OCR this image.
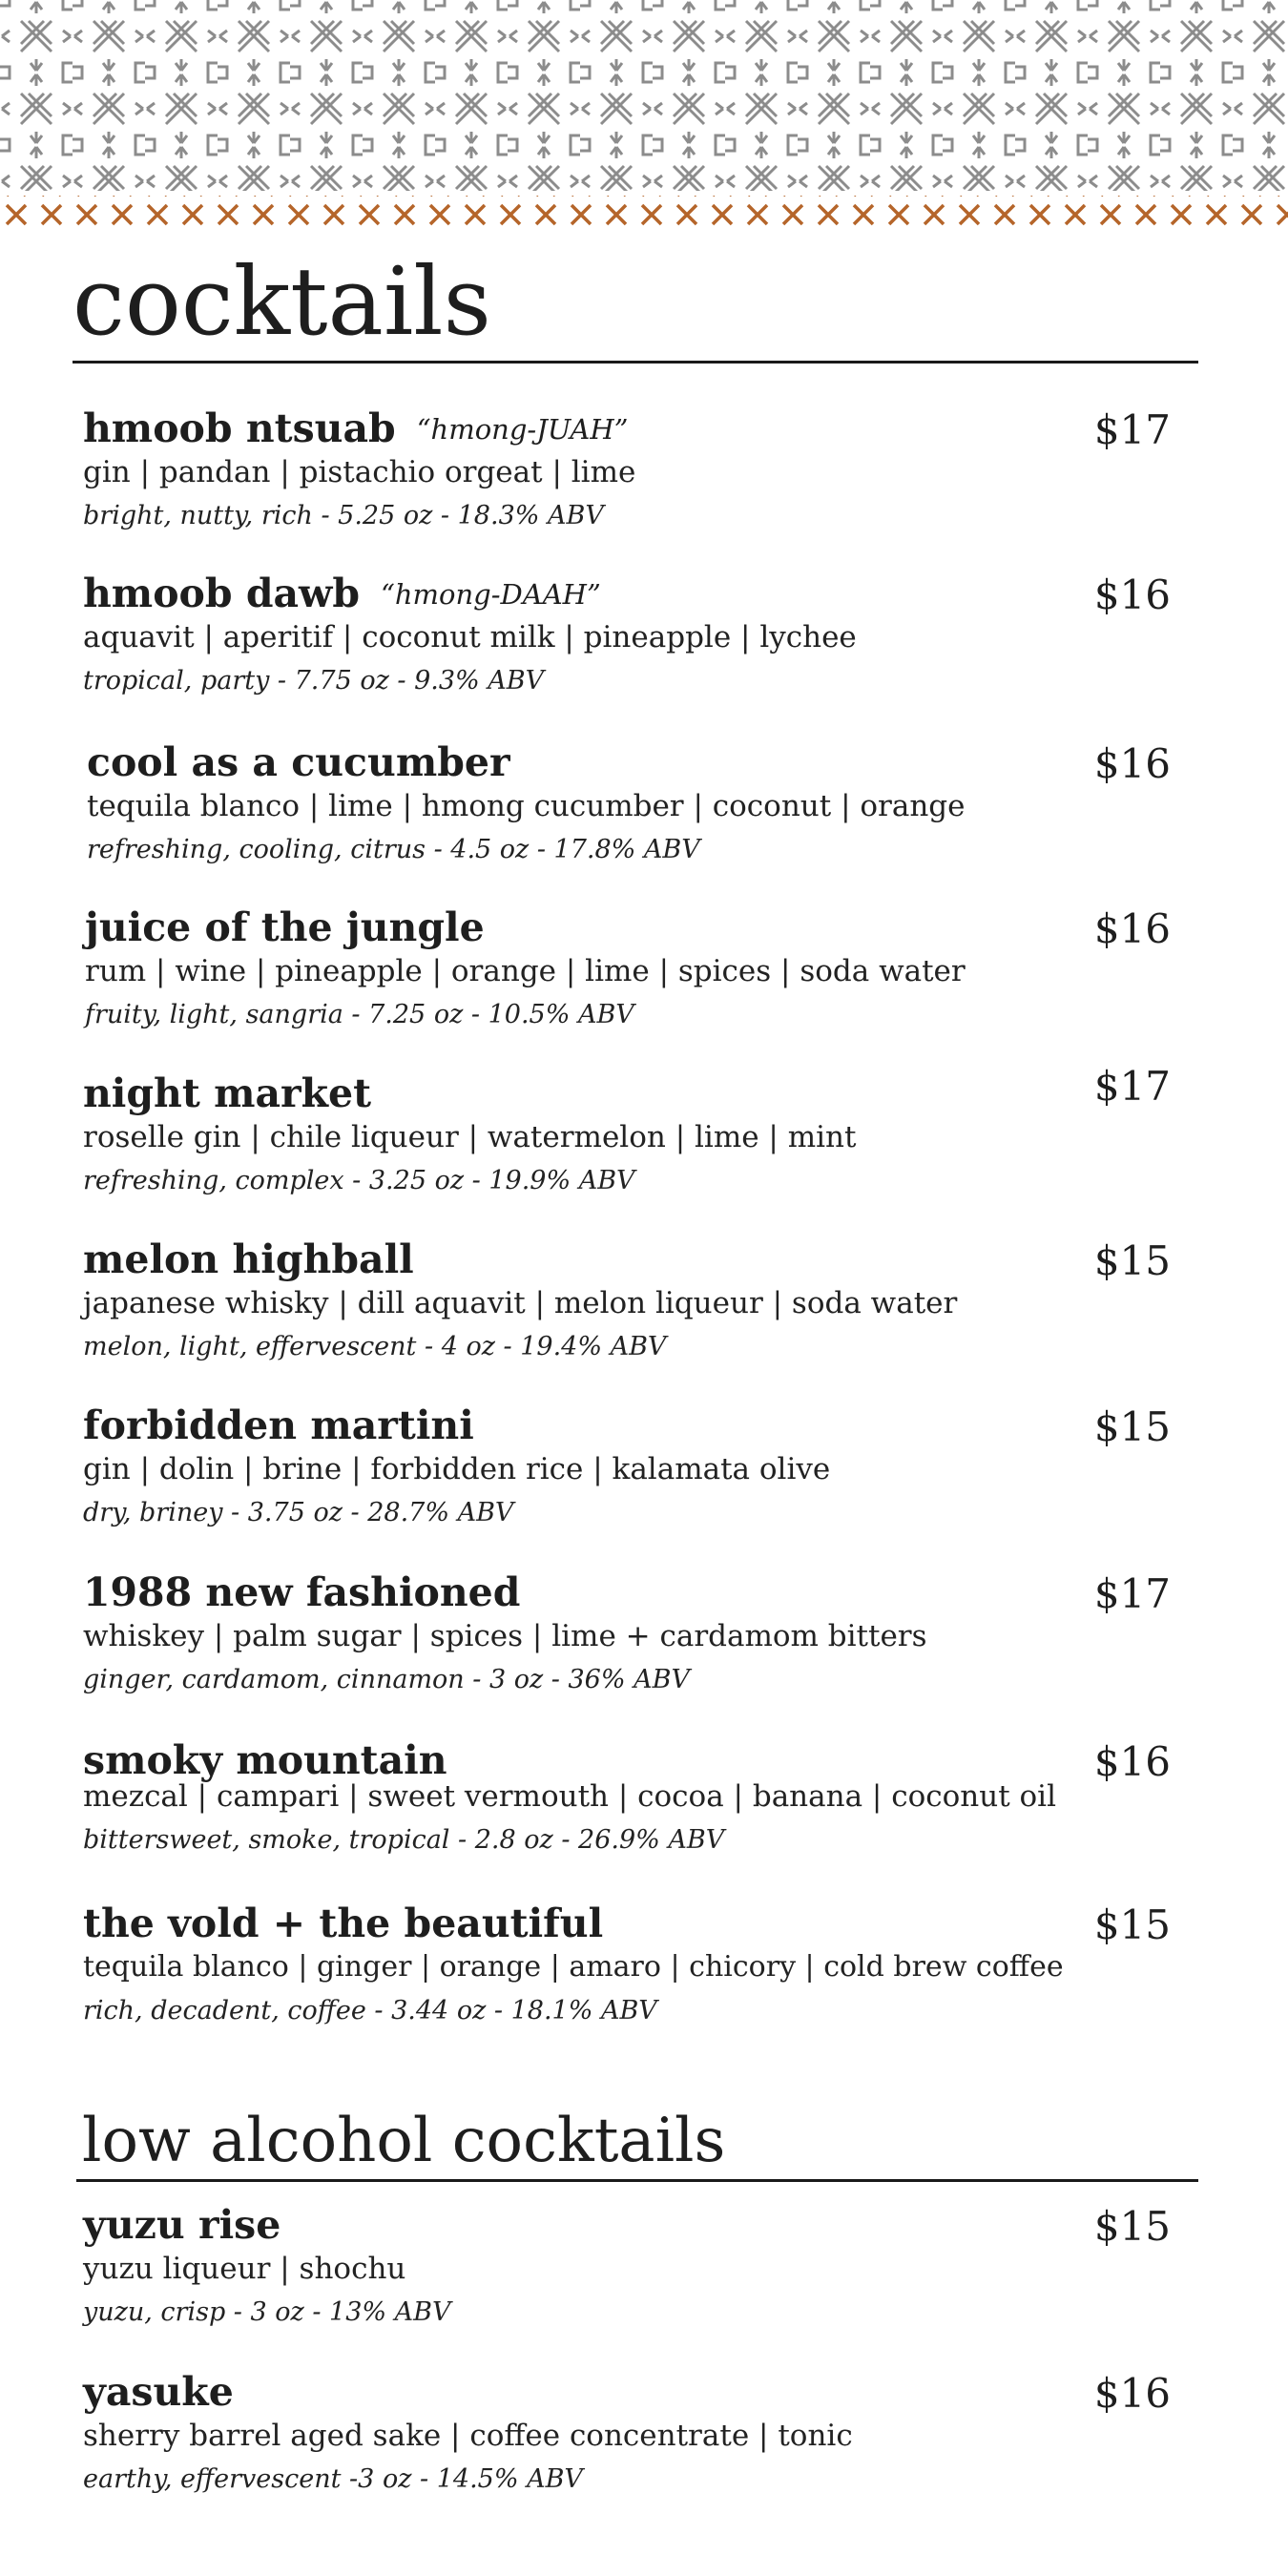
cocktails
hmoob ntsuab “hmong-JUAH”	$17
gin | pandan | pistachio orgeat | lime
bright, nutty, rich - 5.25 oz - 18.3% ABV
hmoob dawb “hmong-DAAH”	$16
aquavit | aperitif | coconut milk | pineapple | lychee
tropical, party - 7.75 oz - 9.3% ABV
cool as a cucumber	$16
tequila blanco | lime | hmong cucumber | coconut | orange
refreshing, cooling, citrus - 4.5 oz - 17.8% ABV
juice of the jungle	$16
rum | wine | pineapple | orange | lime | spices | soda water
fruity, light, sangria - 7.25 oz - 10.5% ABV
night market	$17
roselle gin | chile liqueur | watermelon | lime | mint
refreshing, complex - 3.25 oz - 19.9% ABV
melon highball	$15
japanese whisky | dill aquavit | melon liqueur | soda water
melon, light, effervescent - 4 oz - 19.4% ABV
forbidden martini	$15
gin | dolin | brine | forbidden rice | kalamata olive
dry, briney - 3.75 oz - 28.7% ABV
1988 new fashioned	$17
whiskey | palm sugar | spices | lime + cardamom bitters
ginger, cardamom, cinnamon - 3 oz - 36% ABV
smoky mountain	$16
mezcal | campari | sweet vermouth | cocoa | banana | coconut oil
bittersweet, smoke, tropical - 2.8 oz - 26.9% ABV
the vold + the beautiful	$15
tequila blanco | ginger | orange | amaro | chicory | cold brew coffee
rich, decadent, coffee - 3.44 oz - 18.1% ABV
low alcohol cocktails
yuzu rise	$15
yuzu liqueur | shochu
yuzu, crisp - 3 oz - 13% ABV
yasuke	$16
sherry barrel aged sake | coffee concentrate | tonic
earthy, effervescent -3 oz - 14.5% ABV
